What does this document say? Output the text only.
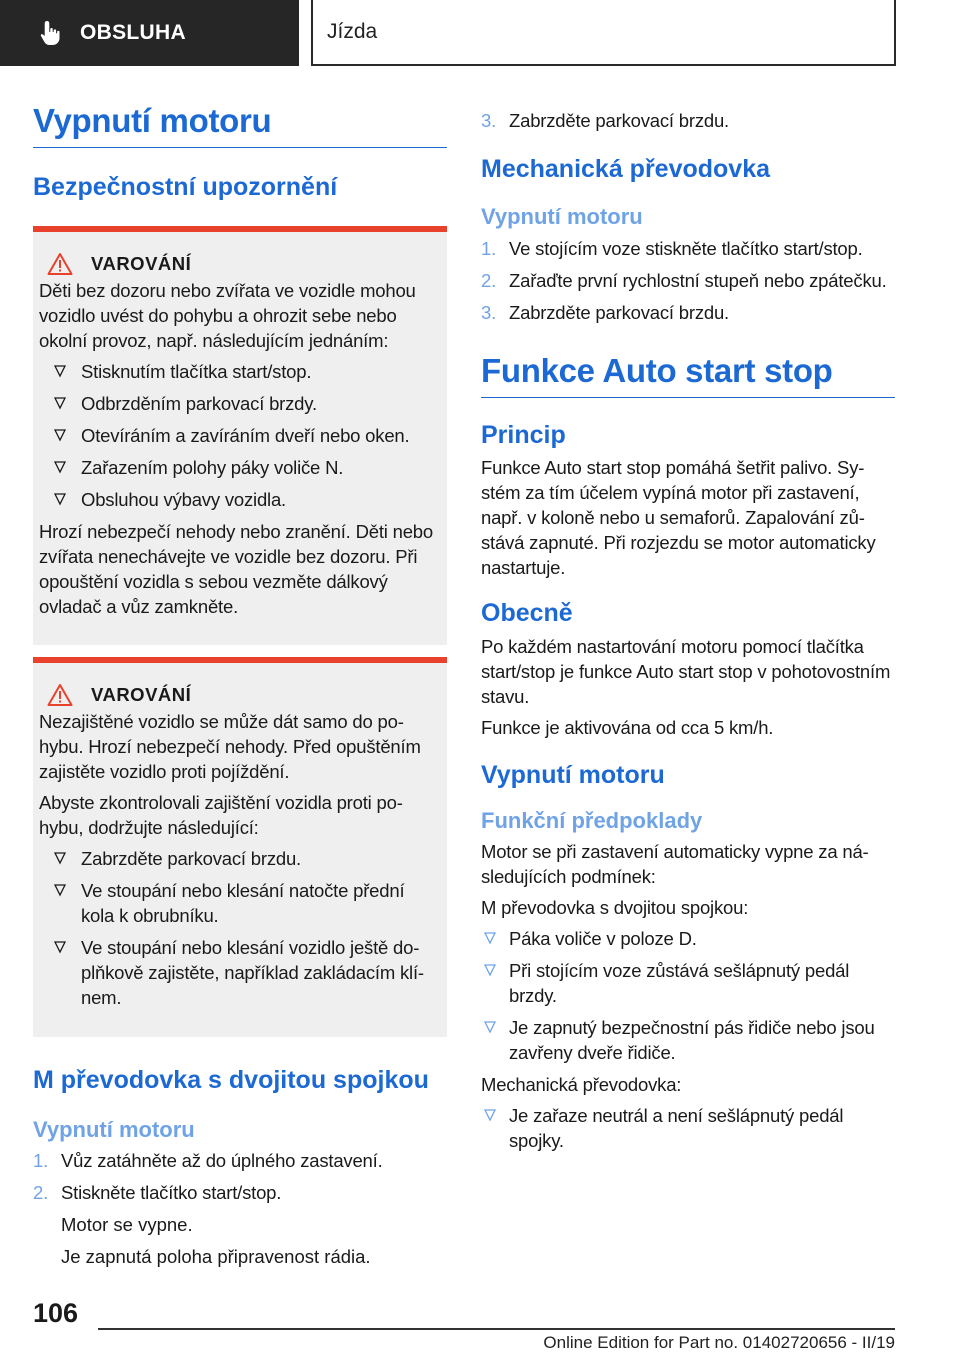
OBSLUHA	Jízda
Vypnutí motoru
Bezpečnostní upozornění
VAROVÁNÍ
Děti bez dozoru nebo zvířata ve vozidle mohou vozidlo uvést do pohybu a ohrozit sebe nebo okolní provoz, např. následujícím jednáním:
Stisknutím tlačítka start/stop.
Odbrzděním parkovací brzdy.
Otevíráním a zavíráním dveří nebo oken.
Zařazením polohy páky voliče N.
Obsluhou výbavy vozidla.
Hrozí nebezpečí nehody nebo zranění. Děti nebo zvířata nenechávejte ve vozidle bez dozoru. Při opouštění vozidla s sebou vezměte dálkový ovladač a vůz zamkněte.
VAROVÁNÍ
Nezajištěné vozidlo se může dát samo do pohybu. Hrozí nebezpečí nehody. Před opuštěním zajistěte vozidlo proti pojíždění.
Abyste zkontrolovali zajištění vozidla proti pohybu, dodržujte následující:
Zabrzděte parkovací brzdu.
Ve stoupání nebo klesání natočte přední kola k obrubníku.
Ve stoupání nebo klesání vozidlo ještě doplňkově zajistěte, například zakládacím klínem.
M převodovka s dvojitou spojkou
Vypnutí motoru
1. Vůz zatáhněte až do úplného zastavení.
2. Stiskněte tlačítko start/stop.
Motor se vypne.
Je zapnutá poloha připravenost rádia.
3. Zabrzděte parkovací brzdu.
Mechanická převodovka
Vypnutí motoru
1. Ve stojícím voze stiskněte tlačítko start/stop.
2. Zařaďte první rychlostní stupeň nebo zpátečku.
3. Zabrzděte parkovací brzdu.
Funkce Auto start stop
Princip
Funkce Auto start stop pomáhá šetřit palivo. Systém za tím účelem vypíná motor při zastavení, např. v koloně nebo u semaforů. Zapalování zůstává zapnuté. Při rozjezdu se motor automaticky nastartuje.
Obecně
Po každém nastartování motoru pomocí tlačítka start/stop je funkce Auto start stop v pohotovostním stavu.
Funkce je aktivována od cca 5 km/h.
Vypnutí motoru
Funkční předpoklady
Motor se při zastavení automaticky vypne za následujících podmínek:
M převodovka s dvojitou spojkou:
Páka voliče v poloze D.
Při stojícím voze zůstává sešlápnutý pedál brzdy.
Je zapnutý bezpečnostní pás řidiče nebo jsou zavřeny dveře řidiče.
Mechanická převodovka:
Je zařaze neutrál a není sešlápnutý pedál spojky.
106
Online Edition for Part no. 01402720656 - II/19
